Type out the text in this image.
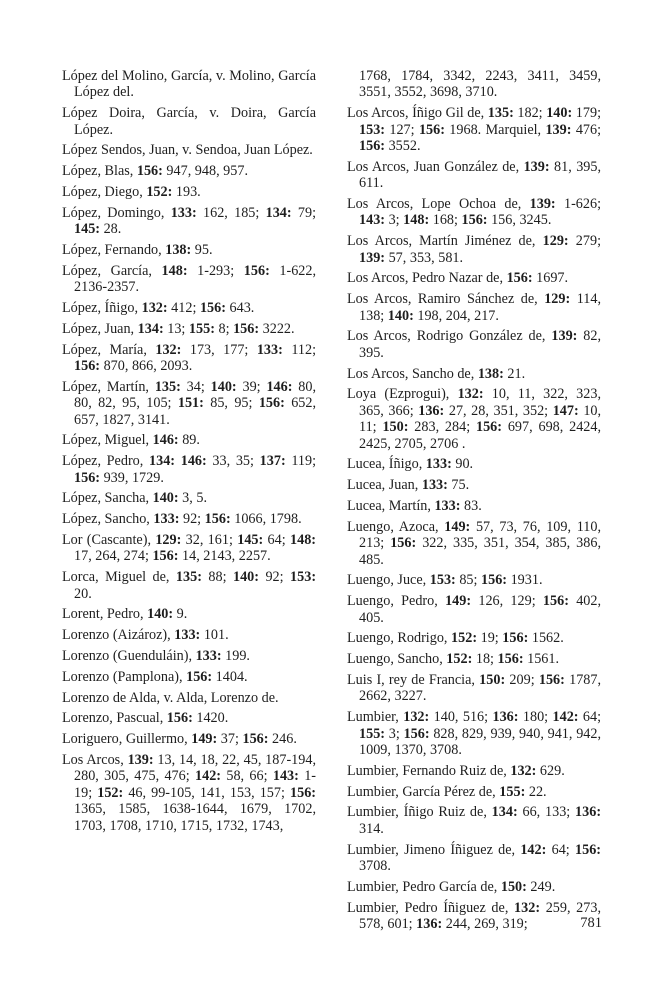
López del Molino, García, v. Molino, García López del.

López Doira, García, v. Doira, García López.

López Sendos, Juan, v. Sendoa, Juan López.

López, Blas, 156: 947, 948, 957.

López, Diego, 152: 193.

López, Domingo, 133: 162, 185; 134: 79; 145: 28.

López, Fernando, 138: 95.

López, García, 148: 1-293; 156: 1-622, 2136-2357.

López, Íñigo, 132: 412; 156: 643.

López, Juan, 134: 13; 155: 8; 156: 3222.

López, María, 132: 173, 177; 133: 112; 156: 870, 866, 2093.

López, Martín, 135: 34; 140: 39; 146: 80, 80, 82, 95, 105; 151: 85, 95; 156: 652, 657, 1827, 3141.

López, Miguel, 146: 89.

López, Pedro, 134: 146: 33, 35; 137: 119; 156: 939, 1729.

López, Sancha, 140: 3, 5.

López, Sancho, 133: 92; 156: 1066, 1798.

Lor (Cascante), 129: 32, 161; 145: 64; 148: 17, 264, 274; 156: 14, 2143, 2257.

Lorca, Miguel de, 135: 88; 140: 92; 153: 20.

Lorent, Pedro, 140: 9.

Lorenzo (Aizároz), 133: 101.

Lorenzo (Guenduláin), 133: 199.

Lorenzo (Pamplona), 156: 1404.

Lorenzo de Alda, v. Alda, Lorenzo de.

Lorenzo, Pascual, 156: 1420.

Loriguero, Guillermo, 149: 37; 156: 246.

Los Arcos, 139: 13, 14, 18, 22, 45, 187-194, 280, 305, 475, 476; 142: 58, 66; 143: 1-19; 152: 46, 99-105, 141, 153, 157; 156: 1365, 1585, 1638-1644, 1679, 1702, 1703, 1708, 1710, 1715, 1732, 1743,

1768, 1784, 3342, 2243, 3411, 3459, 3551, 3552, 3698, 3710.

Los Arcos, Íñigo Gil de, 135: 182; 140: 179; 153: 127; 156: 1968. Marquiel, 139: 476; 156: 3552.

Los Arcos, Juan González de, 139: 81, 395, 611.

Los Arcos, Lope Ochoa de, 139: 1-626; 143: 3; 148: 168; 156: 156, 3245.

Los Arcos, Martín Jiménez de, 129: 279; 139: 57, 353, 581.

Los Arcos, Pedro Nazar de, 156: 1697.

Los Arcos, Ramiro Sánchez de, 129: 114, 138; 140: 198, 204, 217.

Los Arcos, Rodrigo González de, 139: 82, 395.

Los Arcos, Sancho de, 138: 21.

Loya (Ezprogui), 132: 10, 11, 322, 323, 365, 366; 136: 27, 28, 351, 352; 147: 10, 11; 150: 283, 284; 156: 697, 698, 2424, 2425, 2705, 2706 .

Lucea, Íñigo, 133: 90.

Lucea, Juan, 133: 75.

Lucea, Martín, 133: 83.

Luengo, Azoca, 149: 57, 73, 76, 109, 110, 213; 156: 322, 335, 351, 354, 385, 386, 485.

Luengo, Juce, 153: 85; 156: 1931.

Luengo, Pedro, 149: 126, 129; 156: 402, 405.

Luengo, Rodrigo, 152: 19; 156: 1562.

Luengo, Sancho, 152: 18; 156: 1561.

Luis I, rey de Francia, 150: 209; 156: 1787, 2662, 3227.

Lumbier, 132: 140, 516; 136: 180; 142: 64; 155: 3; 156: 828, 829, 939, 940, 941, 942, 1009, 1370, 3708.

Lumbier, Fernando Ruiz de, 132: 629.

Lumbier, García Pérez de, 155: 22.

Lumbier, Íñigo Ruiz de, 134: 66, 133; 136: 314.

Lumbier, Jimeno Íñiguez de, 142: 64; 156: 3708.

Lumbier, Pedro García de, 150: 249.

Lumbier, Pedro Íñiguez de, 132: 259, 273, 578, 601; 136: 244, 269, 319;	781
